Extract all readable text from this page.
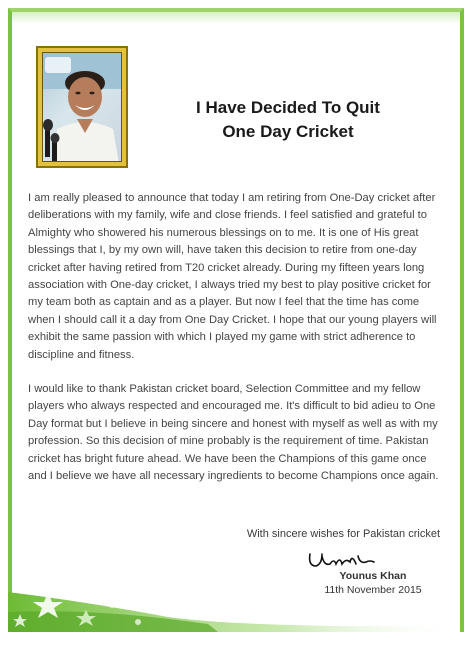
I Have Decided To Quit
One Day Cricket

I am really pleased to announce that today I am retiring from One-Day cricket after deliberations with my family, wife and close friends. I feel satisfied and grateful to Almighty who showered his numerous blessings on to me. It is one of His great blessings that I, by my own will, have taken this decision to retire from one-day cricket after having retired from T20 cricket already. During my fifteen years long association with One-day cricket, I always tried my best to play positive cricket for my team both as captain and as a player. But now I feel that the time has come when I should call it a day from One Day Cricket. I hope that our young players will exhibit the same passion with which I played my game with strict adherence to discipline and fitness.

I would like to thank Pakistan cricket board, Selection Committee and my fellow players who always respected and encouraged me. It's difficult to bid adieu to One Day format but I believe in being sincere and honest with myself as well as with my profession. So this decision of mine probably is the requirement of time. Pakistan cricket has bright future ahead. We have been the Champions of this game once and I believe we have all necessary ingredients to become Champions once again.

With sincere wishes for Pakistan cricket
Younus Khan
11th November 2015
